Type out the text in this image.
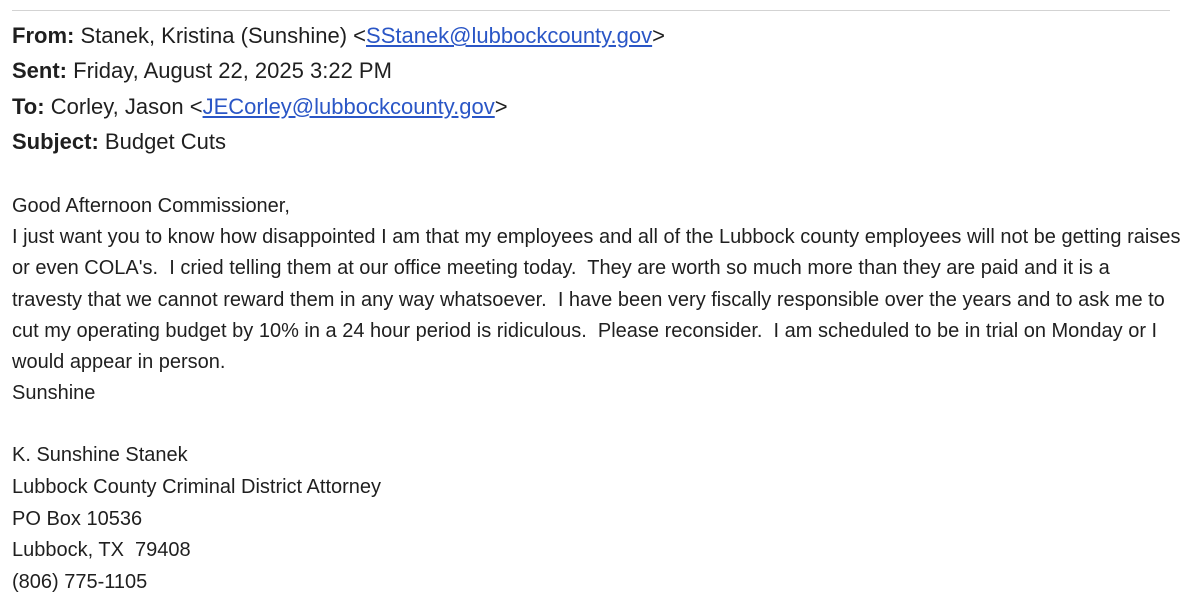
From: Stanek, Kristina (Sunshine) <SStanek@lubbockcounty.gov>
Sent: Friday, August 22, 2025 3:22 PM
To: Corley, Jason <JECorley@lubbockcounty.gov>
Subject: Budget Cuts

Good Afternoon Commissioner,

I just want you to know how disappointed I am that my employees and all of the Lubbock county employees will not be getting raises or even COLA's.  I cried telling them at our office meeting today.  They are worth so much more than they are paid and it is a travesty that we cannot reward them in any way whatsoever.  I have been very fiscally responsible over the years and to ask me to cut my operating budget by 10% in a 24 hour period is ridiculous.  Please reconsider.  I am scheduled to be in trial on Monday or I would appear in person.

Sunshine

K. Sunshine Stanek
Lubbock County Criminal District Attorney
PO Box 10536
Lubbock, TX  79408
(806) 775-1105
